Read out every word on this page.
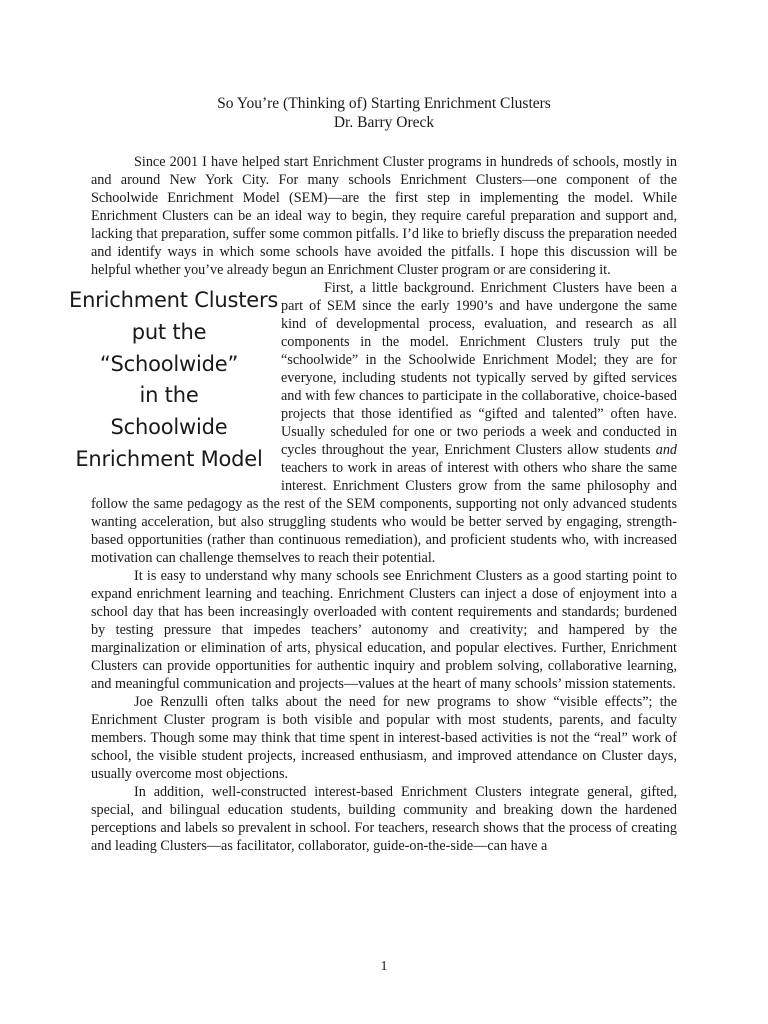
So You’re (Thinking of) Starting Enrichment Clusters
Dr. Barry Oreck

Since 2001 I have helped start Enrichment Cluster programs in hundreds of schools, mostly in and around New York City. For many schools Enrichment Clusters—one component of the Schoolwide Enrichment Model (SEM)—are the first step in implementing the model. While Enrichment Clusters can be an ideal way to begin, they require careful preparation and support and, lacking that preparation, suffer some common pitfalls. I’d like to briefly discuss the preparation needed and identify ways in which some schools have avoided the pitfalls. I hope this discussion will be helpful whether you’ve already begun an Enrichment Cluster program or are considering it.

Enrichment Clusters
put the
“Schoolwide”
in the
Schoolwide
Enrichment Model

First, a little background. Enrichment Clusters have been a part of SEM since the early 1990’s and have undergone the same kind of developmental process, evaluation, and research as all components in the model. Enrichment Clusters truly put the “schoolwide” in the Schoolwide Enrichment Model; they are for everyone, including students not typically served by gifted services and with few chances to participate in the collaborative, choice-based projects that those identified as “gifted and talented” often have. Usually scheduled for one or two periods a week and conducted in cycles throughout the year, Enrichment Clusters allow students and teachers to work in areas of interest with others who share the same interest. Enrichment Clusters grow from the same philosophy and follow the same pedagogy as the rest of the SEM components, supporting not only advanced students wanting acceleration, but also struggling students who would be better served by engaging, strength-based opportunities (rather than continuous remediation), and proficient students who, with increased motivation can challenge themselves to reach their potential.

It is easy to understand why many schools see Enrichment Clusters as a good starting point to expand enrichment learning and teaching. Enrichment Clusters can inject a dose of enjoyment into a school day that has been increasingly overloaded with content requirements and standards; burdened by testing pressure that impedes teachers’ autonomy and creativity; and hampered by the marginalization or elimination of arts, physical education, and popular electives. Further, Enrichment Clusters can provide opportunities for authentic inquiry and problem solving, collaborative learning, and meaningful communication and projects—values at the heart of many schools’ mission statements.

Joe Renzulli often talks about the need for new programs to show “visible effects”; the Enrichment Cluster program is both visible and popular with most students, parents, and faculty members. Though some may think that time spent in interest-based activities is not the “real” work of school, the visible student projects, increased enthusiasm, and improved attendance on Cluster days, usually overcome most objections.

In addition, well-constructed interest-based Enrichment Clusters integrate general, gifted, special, and bilingual education students, building community and breaking down the hardened perceptions and labels so prevalent in school. For teachers, research shows that the process of creating and leading Clusters—as facilitator, collaborator, guide-on-the-side—can have a

1
